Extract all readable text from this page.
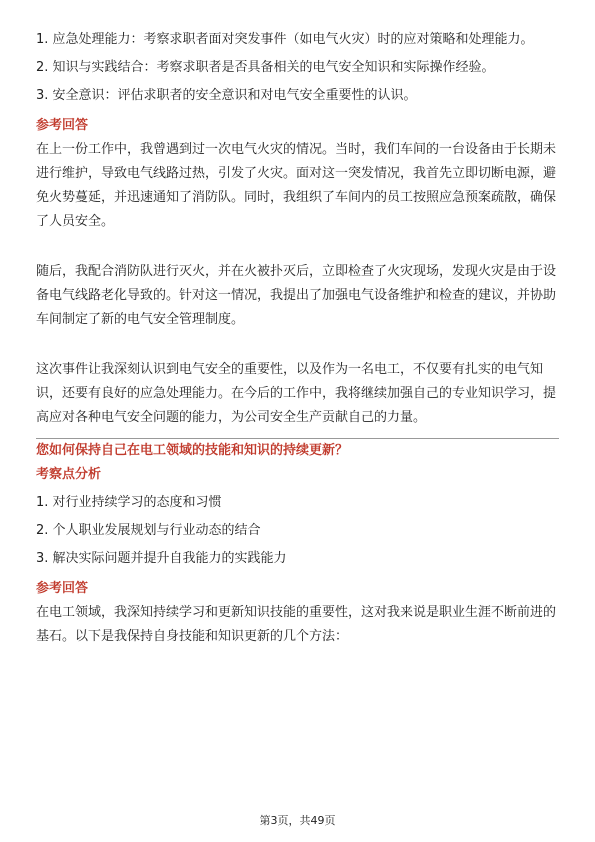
1. 应急处理能力：考察求职者面对突发事件（如电气火灾）时的应对策略和处理能力。

2. 知识与实践结合：考察求职者是否具备相关的电气安全知识和实际操作经验。

3. 安全意识：评估求职者的安全意识和对电气安全重要性的认识。

参考回答

在上一份工作中，我曾遇到过一次电气火灾的情况。当时，我们车间的一台设备由于长期未进行维护，导致电气线路过热，引发了火灾。面对这一突发情况，我首先立即切断电源，避免火势蔓延，并迅速通知了消防队。同时，我组织了车间内的员工按照应急预案疏散，确保了人员安全。

随后，我配合消防队进行灭火，并在火被扑灭后，立即检查了火灾现场，发现火灾是由于设备电气线路老化导致的。针对这一情况，我提出了加强电气设备维护和检查的建议，并协助车间制定了新的电气安全管理制度。

这次事件让我深刻认识到电气安全的重要性，以及作为一名电工，不仅要有扎实的电气知识，还要有良好的应急处理能力。在今后的工作中，我将继续加强自己的专业知识学习，提高应对各种电气安全问题的能力，为公司安全生产贡献自己的力量。

您如何保持自己在电工领域的技能和知识的持续更新？

考察点分析

1. 对行业持续学习的态度和习惯

2. 个人职业发展规划与行业动态的结合

3. 解决实际问题并提升自我能力的实践能力

参考回答

在电工领域，我深知持续学习和更新知识技能的重要性，这对我来说是职业生涯不断前进的基石。以下是我保持自身技能和知识更新的几个方法：

第3页，共49页
